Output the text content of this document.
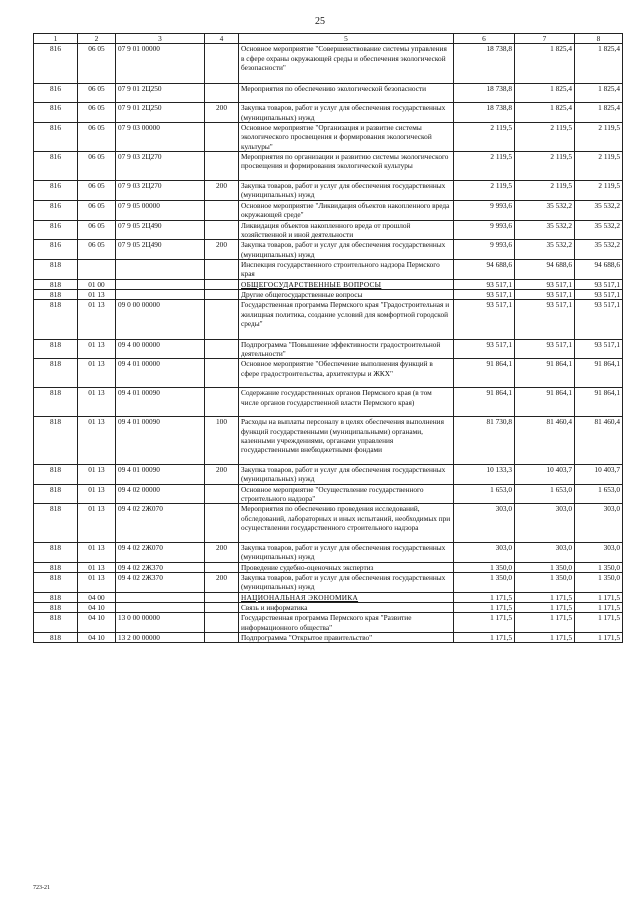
25
1	2	3	4	5	6	7	8
816	06 05	07 9 01 00000		Основное мероприятие "Совершенствование системы управления в сфере охраны окружающей среды и обеспечения экологической безопасности"	18 738,8	1 825,4	1 825,4
816	06 05	07 9 01 2Ц250		Мероприятия по обеспечению экологической безопасности	18 738,8	1 825,4	1 825,4
816	06 05	07 9 01 2Ц250	200	Закупка товаров, работ и услуг для обеспечения государственных (муниципальных) нужд	18 738,8	1 825,4	1 825,4
816	06 05	07 9 03 00000		Основное мероприятие "Организация и развитие системы экологического просвещения и формирования экологической культуры"	2 119,5	2 119,5	2 119,5
816	06 05	07 9 03 2Ц270		Мероприятия по организации и развитию системы экологического просвещения и формирования экологической культуры	2 119,5	2 119,5	2 119,5
816	06 05	07 9 03 2Ц270	200	Закупка товаров, работ и услуг для обеспечения государственных (муниципальных) нужд	2 119,5	2 119,5	2 119,5
816	06 05	07 9 05 00000		Основное мероприятие "Ликвидация объектов накопленного вреда окружающей среде"	9 993,6	35 532,2	35 532,2
816	06 05	07 9 05 2Ц490		Ликвидация объектов накопленного вреда от прошлой хозяйственной и иной деятельности	9 993,6	35 532,2	35 532,2
816	06 05	07 9 05 2Ц490	200	Закупка товаров, работ и услуг для обеспечения государственных (муниципальных) нужд	9 993,6	35 532,2	35 532,2
818				Инспекция государственного строительного надзора Пермского края	94 688,6	94 688,6	94 688,6
818	01 00			ОБЩЕГОСУДАРСТВЕННЫЕ ВОПРОСЫ	93 517,1	93 517,1	93 517,1
818	01 13			Другие общегосударственные вопросы	93 517,1	93 517,1	93 517,1
818	01 13	09 0 00 00000		Государственная программа Пермского края "Градостроительная и жилищная политика, создание условий для комфортной городской среды"	93 517,1	93 517,1	93 517,1
818	01 13	09 4 00 00000		Подпрограмма "Повышение эффективности градостроительной деятельности"	93 517,1	93 517,1	93 517,1
818	01 13	09 4 01 00000		Основное мероприятие "Обеспечение выполнения функций в сфере градостроительства, архитектуры и ЖКХ"	91 864,1	91 864,1	91 864,1
818	01 13	09 4 01 00090		Содержание государственных органов Пермского края (в том числе органов государственной власти Пермского края)	91 864,1	91 864,1	91 864,1
818	01 13	09 4 01 00090	100	Расходы на выплаты персоналу в целях обеспечения выполнения функций государственными (муниципальными) органами, казенными учреждениями, органами управления государственными внебюджетными фондами	81 730,8	81 460,4	81 460,4
818	01 13	09 4 01 00090	200	Закупка товаров, работ и услуг для обеспечения государственных (муниципальных) нужд	10 133,3	10 403,7	10 403,7
818	01 13	09 4 02 00000		Основное мероприятие "Осуществление государственного строительного надзора"	1 653,0	1 653,0	1 653,0
818	01 13	09 4 02 2Ж070		Мероприятия по обеспечению проведения исследований, обследований, лабораторных и иных испытаний, необходимых при осуществлении государственного строительного надзора	303,0	303,0	303,0
818	01 13	09 4 02 2Ж070	200	Закупка товаров, работ и услуг для обеспечения государственных (муниципальных) нужд	303,0	303,0	303,0
818	01 13	09 4 02 2Ж370		Проведение судебно-оценочных экспертиз	1 350,0	1 350,0	1 350,0
818	01 13	09 4 02 2Ж370	200	Закупка товаров, работ и услуг для обеспечения государственных (муниципальных) нужд	1 350,0	1 350,0	1 350,0
818	04 00			НАЦИОНАЛЬНАЯ ЭКОНОМИКА	1 171,5	1 171,5	1 171,5
818	04 10			Связь и информатика	1 171,5	1 171,5	1 171,5
818	04 10	13 0 00 00000		Государственная программа Пермского края "Развитие информационного общества"	1 171,5	1 171,5	1 171,5
818	04 10	13 2 00 00000		Подпрограмма "Открытое правительство"	1 171,5	1 171,5	1 171,5
723-21
